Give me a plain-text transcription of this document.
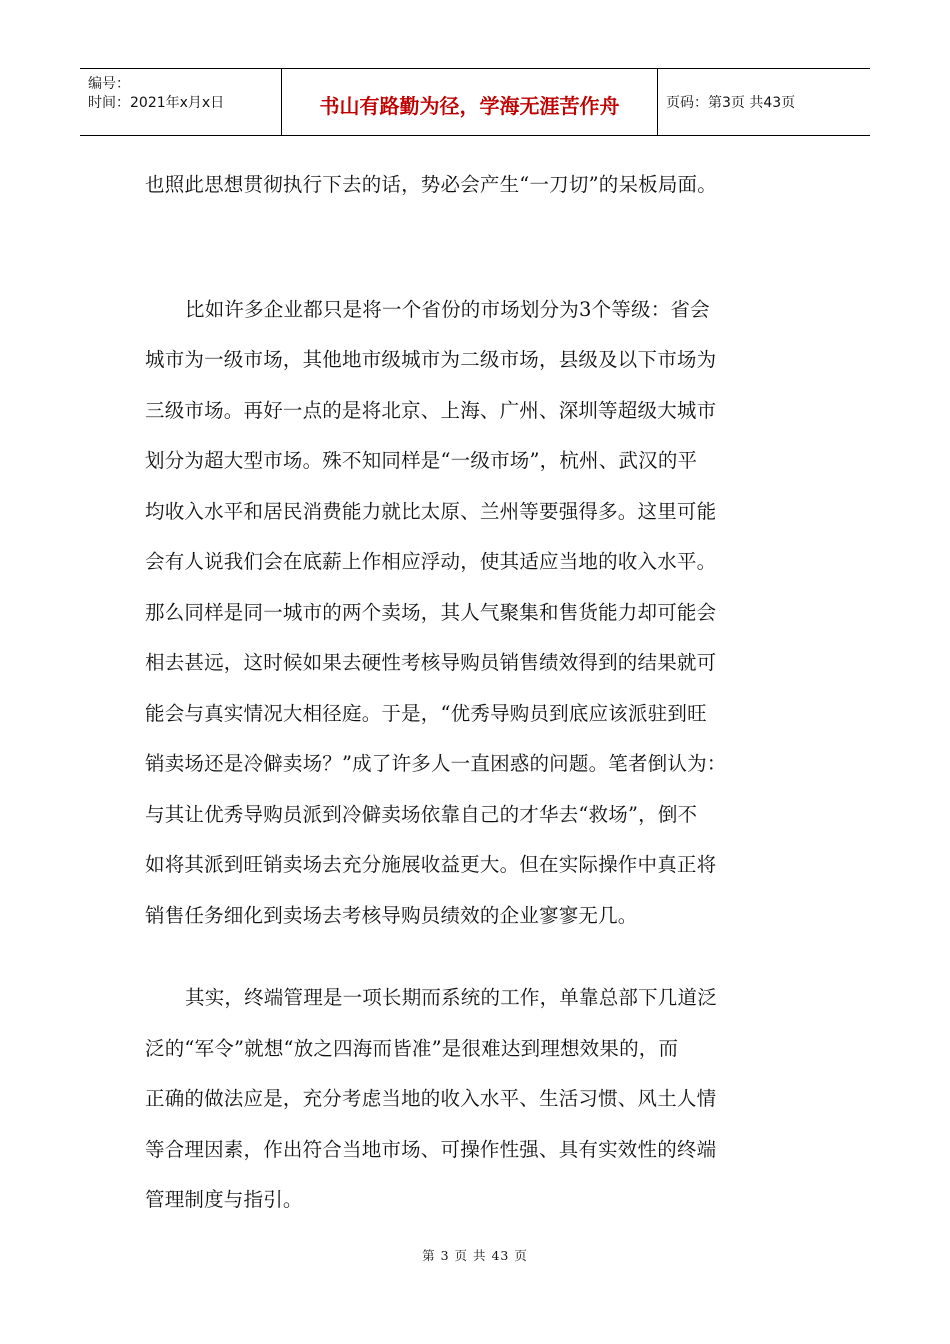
编号：
时间：2021年x月x日	书山有路勤为径，学海无涯苦作舟	页码：第3页 共43页
也照此思想贯彻执行下去的话，势必会产生“一刀切”的呆板局面。
比如许多企业都只是将一个省份的市场划分为3个等级：省会
城市为一级市场，其他地市级城市为二级市场，县级及以下市场为
三级市场。再好一点的是将北京、上海、广州、深圳等超级大城市
划分为超大型市场。殊不知同样是“一级市场”，杭州、武汉的平
均收入水平和居民消费能力就比太原、兰州等要强得多。这里可能
会有人说我们会在底薪上作相应浮动，使其适应当地的收入水平。
那么同样是同一城市的两个卖场，其人气聚集和售货能力却可能会
相去甚远，这时候如果去硬性考核导购员销售绩效得到的结果就可
能会与真实情况大相径庭。于是，“优秀导购员到底应该派驻到旺
销卖场还是冷僻卖场？”成了许多人一直困惑的问题。笔者倒认为：
与其让优秀导购员派到冷僻卖场依靠自己的才华去“救场”，倒不
如将其派到旺销卖场去充分施展收益更大。但在实际操作中真正将
销售任务细化到卖场去考核导购员绩效的企业寥寥无几。
其实，终端管理是一项长期而系统的工作，单靠总部下几道泛
泛的“军令”就想“放之四海而皆准”是很难达到理想效果的，而
正确的做法应是，充分考虑当地的收入水平、生活习惯、风土人情
等合理因素，作出符合当地市场、可操作性强、具有实效性的终端
管理制度与指引。
第 3 页 共 43 页
